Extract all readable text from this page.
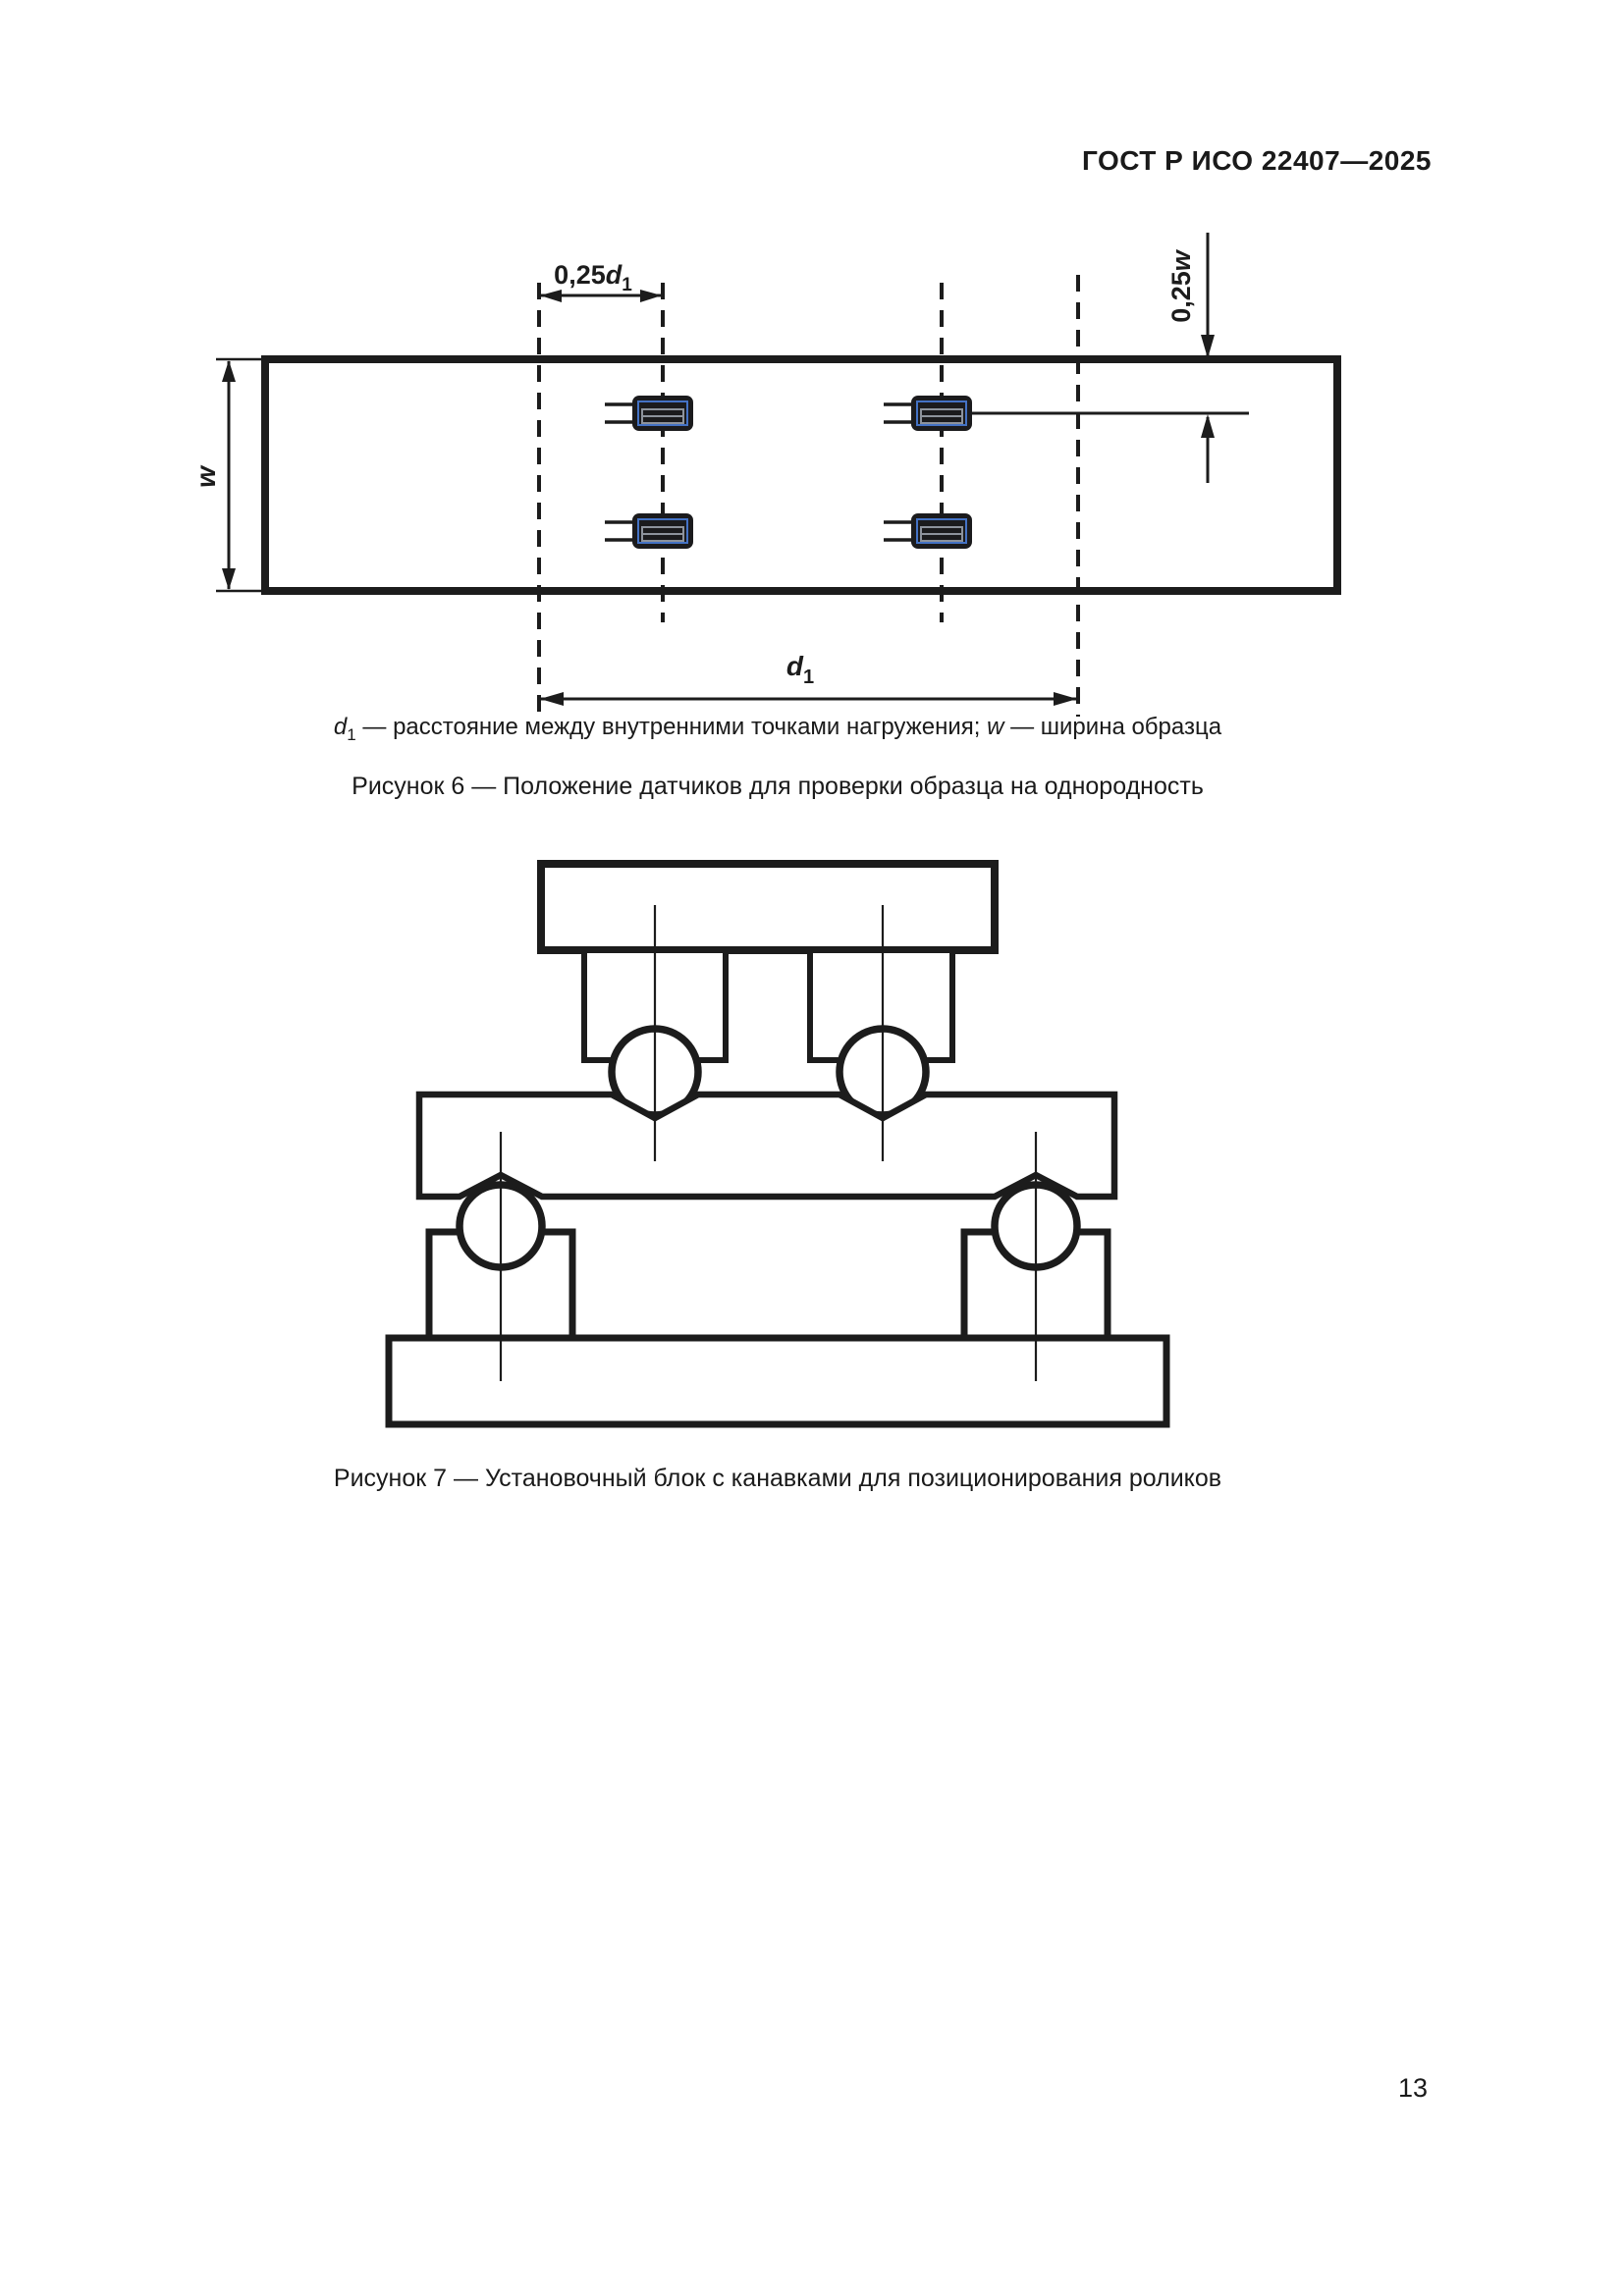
ГОСТ Р ИСО 22407—2025
w
$0,25d_1$
$d_1$
0,25w
$d_1$ — расстояние между внутренними точками нагружения; w — ширина образца
Рисунок 6 — Положение датчиков для проверки образца на однородность
Рисунок 7 — Установочный блок с канавками для позиционирования роликов
13
